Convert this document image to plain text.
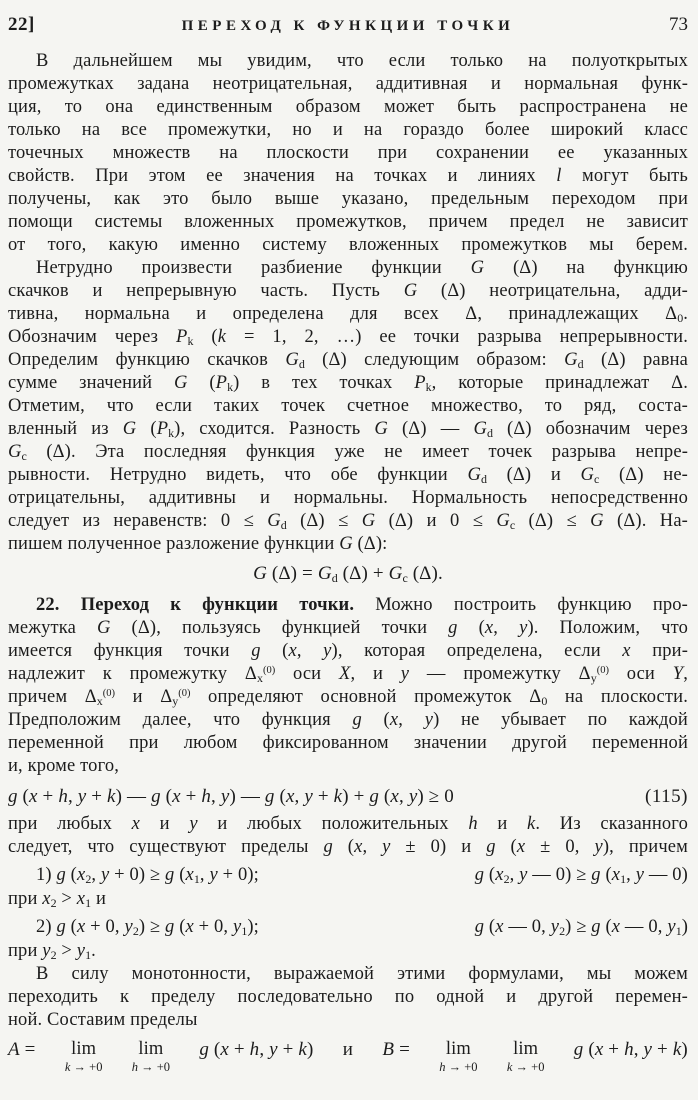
22]	ПЕРЕХОД К ФУНКЦИИ ТОЧКИ	73
В дальнейшем мы увидим, что если только на полуоткрытых
промежутках задана неотрицательная, аддитивная и нормальная функ-
ция, то она единственным образом может быть распространена не
только на все промежутки, но и на гораздо более широкий класс
точечных множеств на плоскости при сохранении ее указанных
свойств. При этом ее значения на точках и линиях l могут быть
получены, как это было выше указано, предельным переходом при
помощи системы вложенных промежутков, причем предел не зависит
от того, какую именно систему вложенных промежутков мы берем.
Нетрудно произвести разбиение функции G (Δ) на функцию
скачков и непрерывную часть. Пусть G (Δ) неотрицательна, адди-
тивна, нормальна и определена для всех Δ, принадлежащих $\Delta_0$.
Обозначим через $P_k$ (k = 1, 2, …) ее точки разрыва непрерывности.
Определим функцию скачков $G_d$ (Δ) следующим образом: $G_d$ (Δ) равна
сумме значений G $(P_k)$ в тех точках $P_k$, которые принадлежат Δ.
Отметим, что если таких точек счетное множество, то ряд, соста-
вленный из G $(P_k)$, сходится. Разность G (Δ) — $G_d$ (Δ) обозначим через
$G_c$ (Δ). Эта последняя функция уже не имеет точек разрыва непре-
рывности. Нетрудно видеть, что обе функции $G_d$ (Δ) и $G_c$ (Δ) не-
отрицательны, аддитивны и нормальны. Нормальность непосредственно
следует из неравенств: $0 \le G_d$ (Δ) ≤ G (Δ) и $0 \le G_c$ (Δ) ≤ G (Δ). На-
пишем полученное разложение функции G (Δ):
G $(\Delta) = G_d$ $(\Delta) + G_c$ (Δ).
22. Переход к функции точки. Можно построить функцию про-
межутка G (Δ), пользуясь функцией точки g (x, y). Положим, что
имеется функция точки g (x, y), которая определена, если x при-
надлежит к промежутку $\Delta_x^{(0)}$ оси X, и y — промежутку $\Delta_y^{(0)}$ оси Y,
причем $\Delta_x^{(0)}$ и $\Delta_y^{(0)}$ определяют основной промежуток $\Delta_0$ на плоскости.
Предположим далее, что функция g (x, y) не убывает по каждой
переменной при любом фиксированном значении другой переменной
и, кроме того,
g (x + h, y + k) — g (x + h, y) — g (x, y + k) + g (x, y) ≥ 0	(115)
при любых x и y и любых положительных h и k. Из сказанного
следует, что существуют пределы g (x, y ± 0) и g (x ± 0, y), причем
1) g ($x_2$, y + 0) ≥ g ($x_1$, y + 0);	g ($x_2$, y — 0) ≥ g ($x_1$, y — 0)
при $x_2 > x_1$ и
2) g (x + 0, $y_2) \ge g$ (x + 0, $y_1$);	g (x — 0, $y_2) \ge g$ (x — 0, $y_1$)
при $y_2 > y_1$.
В силу монотонности, выражаемой этими формулами, мы можем
переходить к пределу последовательно по одной и другой перемен-
ной. Составим пределы
A = lim
k → +0
lim
h → +0
g (x + h, y + k) и B = lim
h → +0
lim
k → +0
g (x + h, y + k)
